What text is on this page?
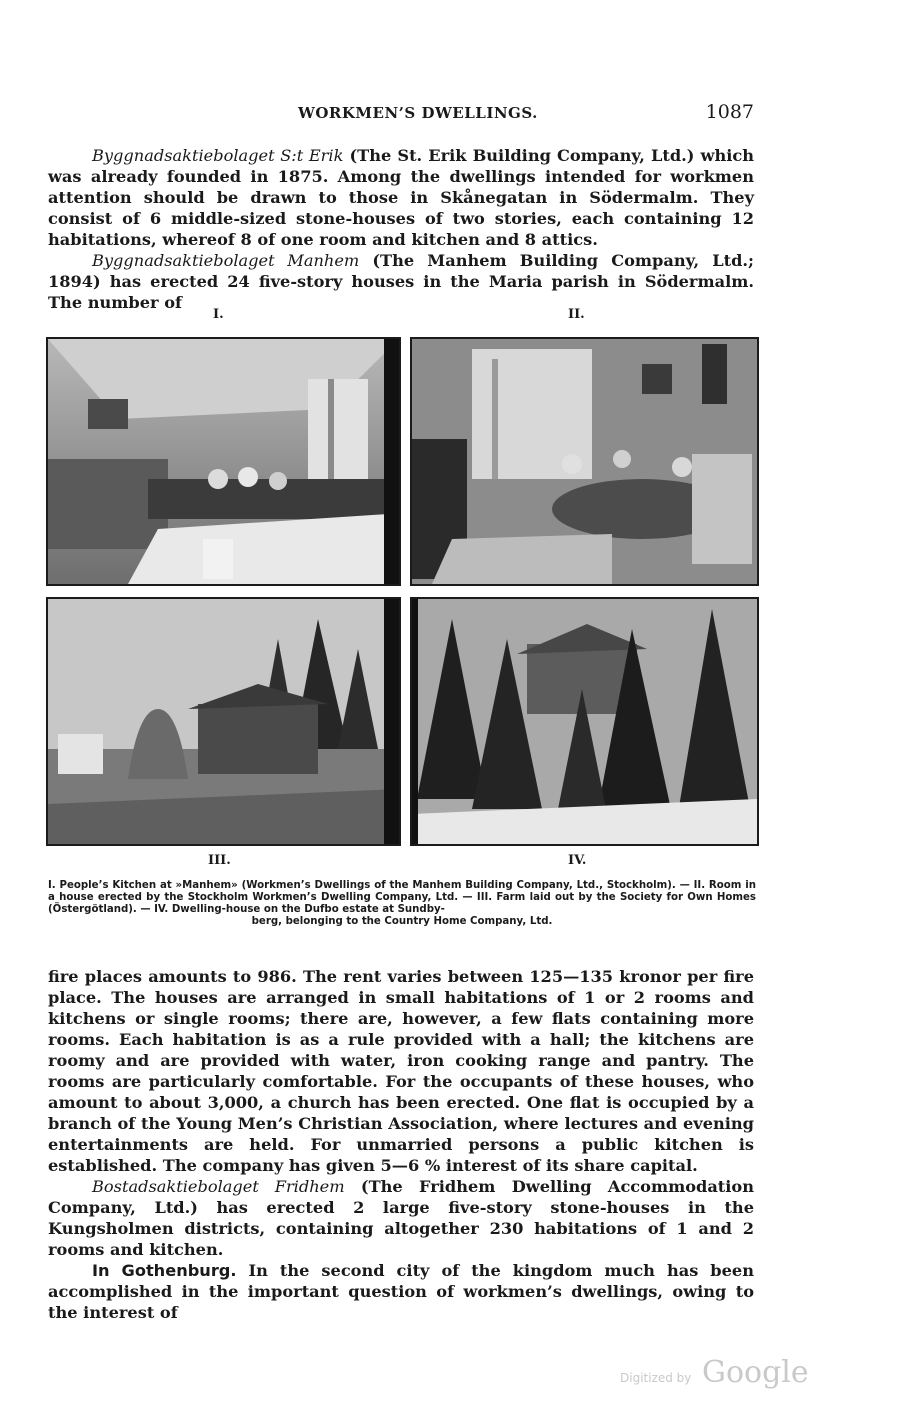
WORKMEN’S DWELLINGS.	1087

Byggnadsaktiebolaget S:t Erik (The St. Erik Building Company, Ltd.) which was already founded in 1875. Among the dwellings intended for workmen attention should be drawn to those in Skånegatan in Södermalm. They consist of 6 middle-sized stone-houses of two stories, each containing 12 habitations, whereof 8 of one room and kitchen and 8 attics.

Byggnadsaktiebolaget Manhem (The Manhem Building Company, Ltd.; 1894) has erected 24 five-story houses in the Maria parish in Södermalm. The number of

I.	II.
III.	IV.
I. People’s Kitchen at »Manhem» (Workmen’s Dwellings of the Manhem Building Company, Ltd., Stockholm). — II. Room in a house erected by the Stockholm Workmen’s Dwelling Company, Ltd. — III. Farm laid out by the Society for Own Homes (Östergötland). — IV. Dwelling-house on the Dufbo estate at Sundby-
berg, belonging to the Country Home Company, Ltd.

fire places amounts to 986. The rent varies between 125—135 kronor per fire place. The houses are arranged in small habitations of 1 or 2 rooms and kitchens or single rooms; there are, however, a few flats containing more rooms. Each habitation is as a rule provided with a hall; the kitchens are roomy and are provided with water, iron cooking range and pantry. The rooms are particularly comfortable. For the occupants of these houses, who amount to about 3,000, a church has been erected. One flat is occupied by a branch of the Young Men’s Christian Association, where lectures and evening entertainments are held. For unmarried persons a public kitchen is established. The company has given 5—6 % interest of its share capital.

Bostadsaktiebolaget Fridhem (The Fridhem Dwelling Accommodation Company, Ltd.) has erected 2 large five-story stone-houses in the Kungsholmen districts, containing altogether 230 habitations of 1 and 2 rooms and kitchen.

In Gothenburg. In the second city of the kingdom much has been accomplished in the important question of workmen’s dwellings, owing to the interest of

Digitized by Google
